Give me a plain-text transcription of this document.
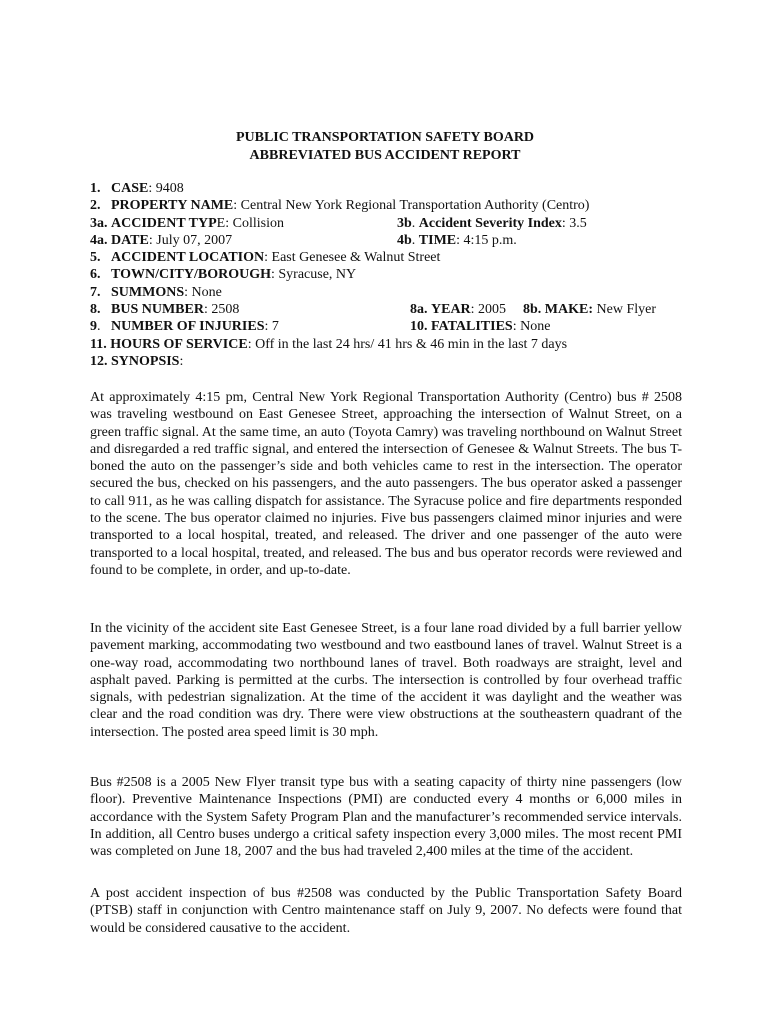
PUBLIC TRANSPORTATION SAFETY BOARD
ABBREVIATED BUS ACCIDENT REPORT
1. CASE: 9408
2. PROPERTY NAME: Central New York Regional Transportation Authority (Centro)
3a. ACCIDENT TYPE: Collision	3b. Accident Severity Index: 3.5
4a. DATE: July 07, 2007	4b. TIME: 4:15 p.m.
5. ACCIDENT LOCATION: East Genesee & Walnut Street
6. TOWN/CITY/BOROUGH: Syracuse, NY
7. SUMMONS: None
8. BUS NUMBER: 2508	8a. YEAR: 2005 8b. MAKE: New Flyer
9.   NUMBER OF INJURIES: 7	10. FATALITIES: None
11. HOURS OF SERVICE: Off in the last 24 hrs/ 41 hrs & 46 min in the last 7 days
12. SYNOPSIS:

At approximately 4:15 pm, Central New York Regional Transportation Authority (Centro) bus # 2508 was traveling westbound on East Genesee Street, approaching the intersection of Walnut Street, on a green traffic signal. At the same time, an auto (Toyota Camry) was traveling northbound on Walnut Street and disregarded a red traffic signal, and entered the intersection of Genesee & Walnut Streets. The bus T-boned the auto on the passenger’s side and both vehicles came to rest in the intersection. The operator secured the bus, checked on his passengers, and the auto passengers. The bus operator asked a passenger to call 911, as he was calling dispatch for assistance. The Syracuse police and fire departments responded to the scene. The bus operator claimed no injuries. Five bus passengers claimed minor injuries and were transported to a local hospital, treated, and released. The driver and one passenger of the auto were transported to a local hospital, treated, and released. The bus and bus operator records were reviewed and found to be complete, in order, and up-to-date.

In the vicinity of the accident site East Genesee Street, is a four lane road divided by a full barrier yellow pavement marking, accommodating two westbound and two eastbound lanes of travel. Walnut Street is a one-way road, accommodating two northbound lanes of travel. Both roadways are straight, level and asphalt paved. Parking is permitted at the curbs. The intersection is controlled by four overhead traffic signals, with pedestrian signalization. At the time of the accident it was daylight and the weather was clear and the road condition was dry. There were view obstructions at the southeastern quadrant of the intersection. The posted area speed limit is 30 mph.

Bus #2508 is a 2005 New Flyer transit type bus with a seating capacity of thirty nine passengers (low floor). Preventive Maintenance Inspections (PMI) are conducted every 4 months or 6,000 miles in accordance with the System Safety Program Plan and the manufacturer’s recommended service intervals. In addition, all Centro buses undergo a critical safety inspection every 3,000 miles. The most recent PMI was completed on June 18, 2007 and the bus had traveled 2,400 miles at the time of the accident.

A post accident inspection of bus #2508 was conducted by the Public Transportation Safety Board (PTSB) staff in conjunction with Centro maintenance staff on July 9, 2007. No defects were found that would be considered causative to the accident.
